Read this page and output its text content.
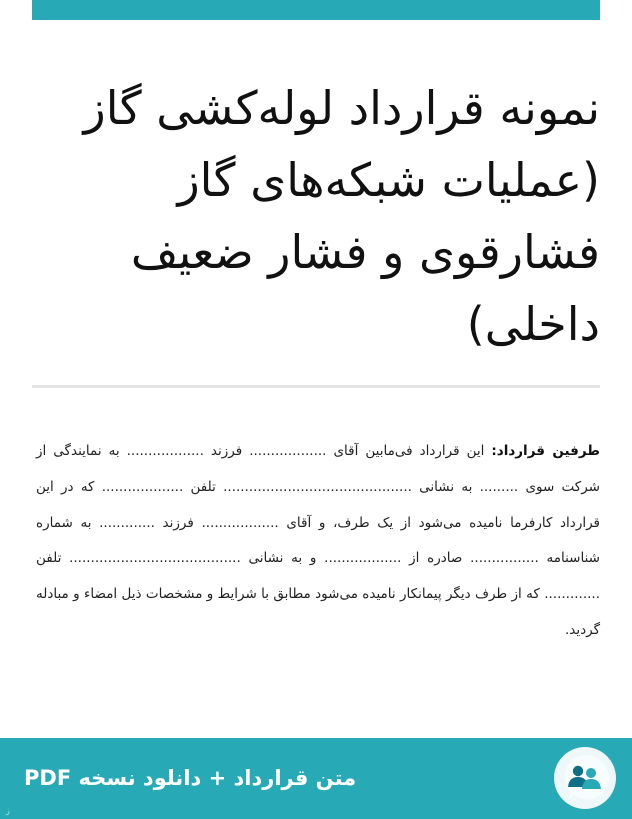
نمونه قرارداد لوله‌کشی گاز (عملیات شبکه‌های گاز فشارقوی و فشار ضعیف داخلی)

طرفین قرارداد: این قرارداد فی‌مابین آقای .................. فرزند .................. به نمایندگی از شرکت سوی ......... به نشانی ............................................ تلفن ................... که در این قرارداد کارفرما نامیده می‌شود از یک طرف، و آقای .................. فرزند ............. به شماره شناسنامه ................ صادره از .................. و به نشانی ........................................ تلفن ............. که از طرف دیگر پیمانکار نامیده می‌شود مطابق با شرایط و مشخصات ذیل امضاء و مبادله گردید.

متن قرارداد + دانلود نسخه PDF
ز
